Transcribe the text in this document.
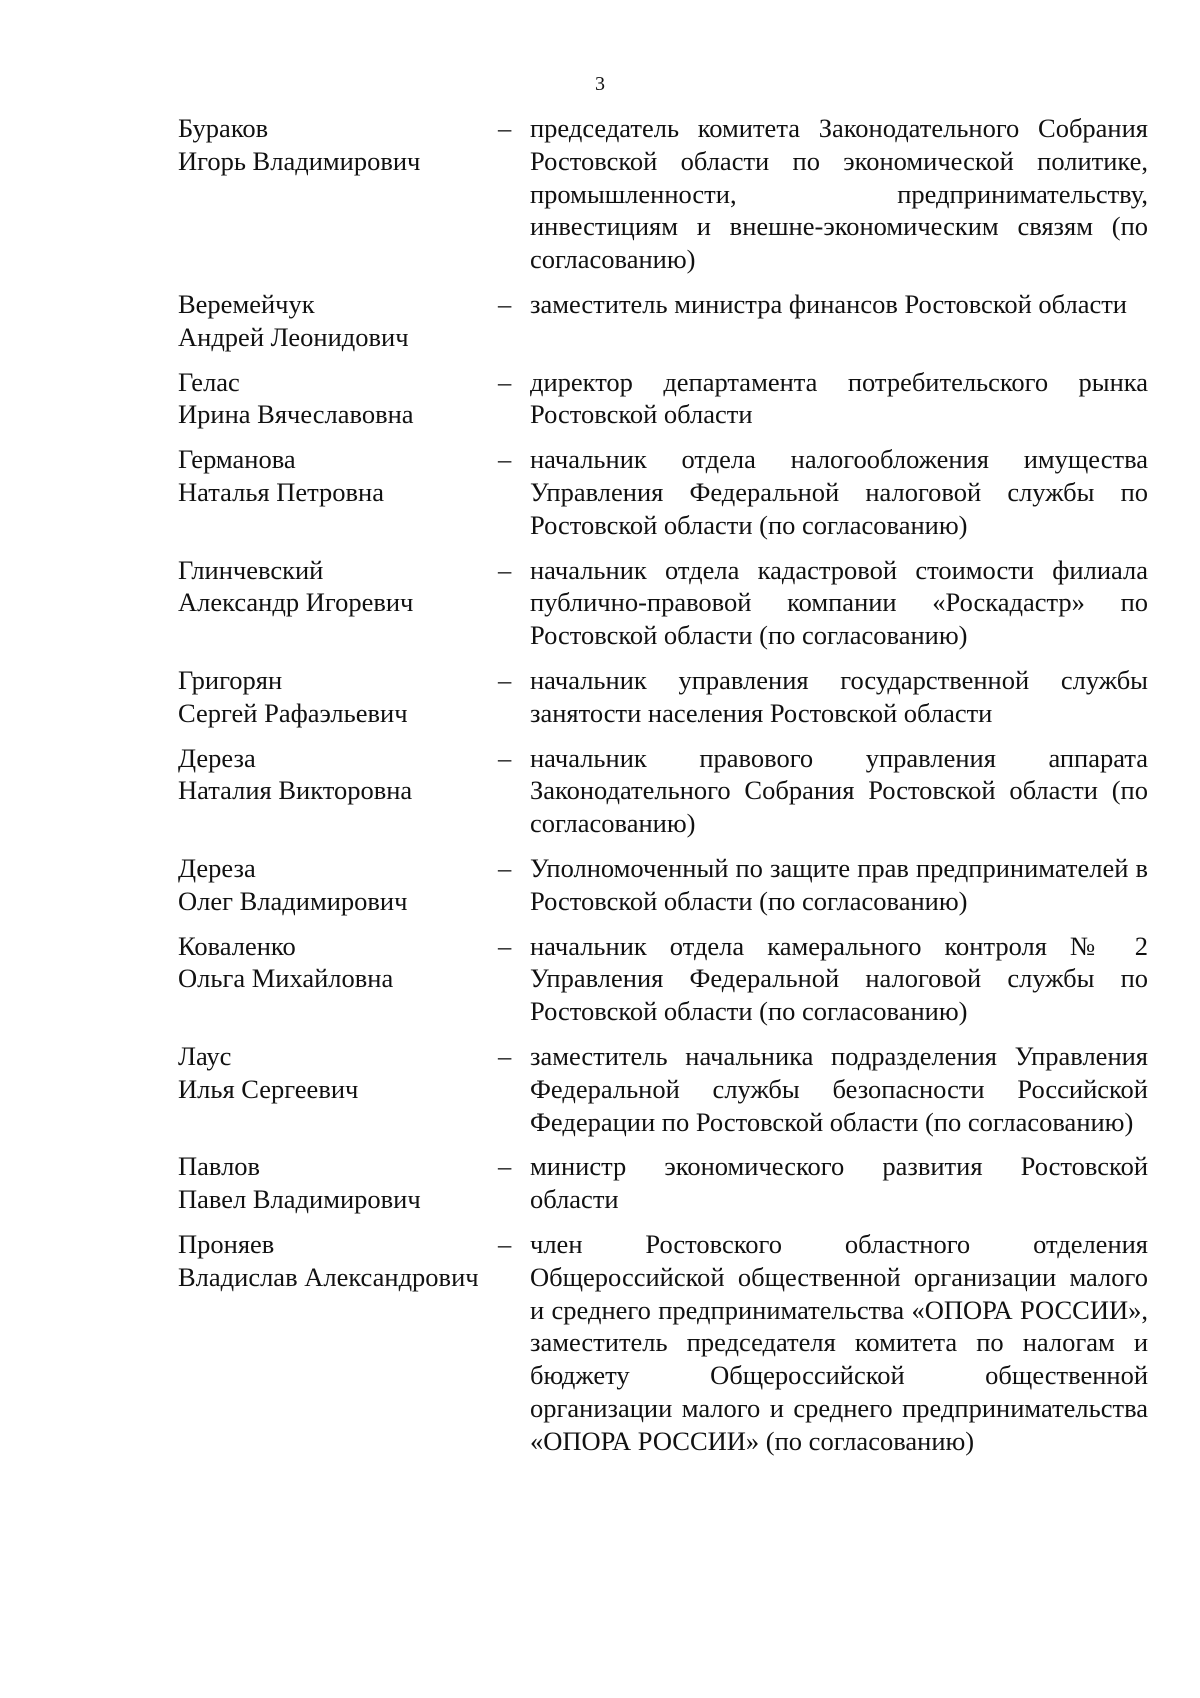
3
Бураков
Игорь Владимирович
– председатель комитета Законодательного Собрания Ростовской области по экономической политике, промышленности, предпринимательству, инвестициям и внешне-экономическим связям (по согласованию)
Веремейчук
Андрей Леонидович
– заместитель министра финансов Ростовской области
Гелас
Ирина Вячеславовна
– директор департамента потребительского рынка Ростовской области
Германова
Наталья Петровна
– начальник отдела налогообложения имущества Управления Федеральной налоговой службы по Ростовской области (по согласованию)
Глинчевский
Александр Игоревич
– начальник отдела кадастровой стоимости филиала публично-правовой компании «Роскадастр» по Ростовской области (по согласованию)
Григорян
Сергей Рафаэльевич
– начальник управления государственной службы занятости населения Ростовской области
Дереза
Наталия Викторовна
– начальник правового управления аппарата Законодательного Собрания Ростовской области (по согласованию)
Дереза
Олег Владимирович
– Уполномоченный по защите прав предпринимателей в Ростовской области (по согласованию)
Коваленко
Ольга Михайловна
– начальник отдела камерального контроля № 2 Управления Федеральной налоговой службы по Ростовской области (по согласованию)
Лаус
Илья Сергеевич
– заместитель начальника подразделения Управления Федеральной службы безопасности Российской Федерации по Ростовской области (по согласованию)
Павлов
Павел Владимирович
– министр экономического развития Ростовской области
Проняев
Владислав Александрович
– член Ростовского областного отделения Общероссийской общественной организации малого и среднего предпринимательства «ОПОРА РОССИИ», заместитель председателя комитета по налогам и бюджету Общероссийской общественной организации малого и среднего предпринимательства «ОПОРА РОССИИ» (по согласованию)
